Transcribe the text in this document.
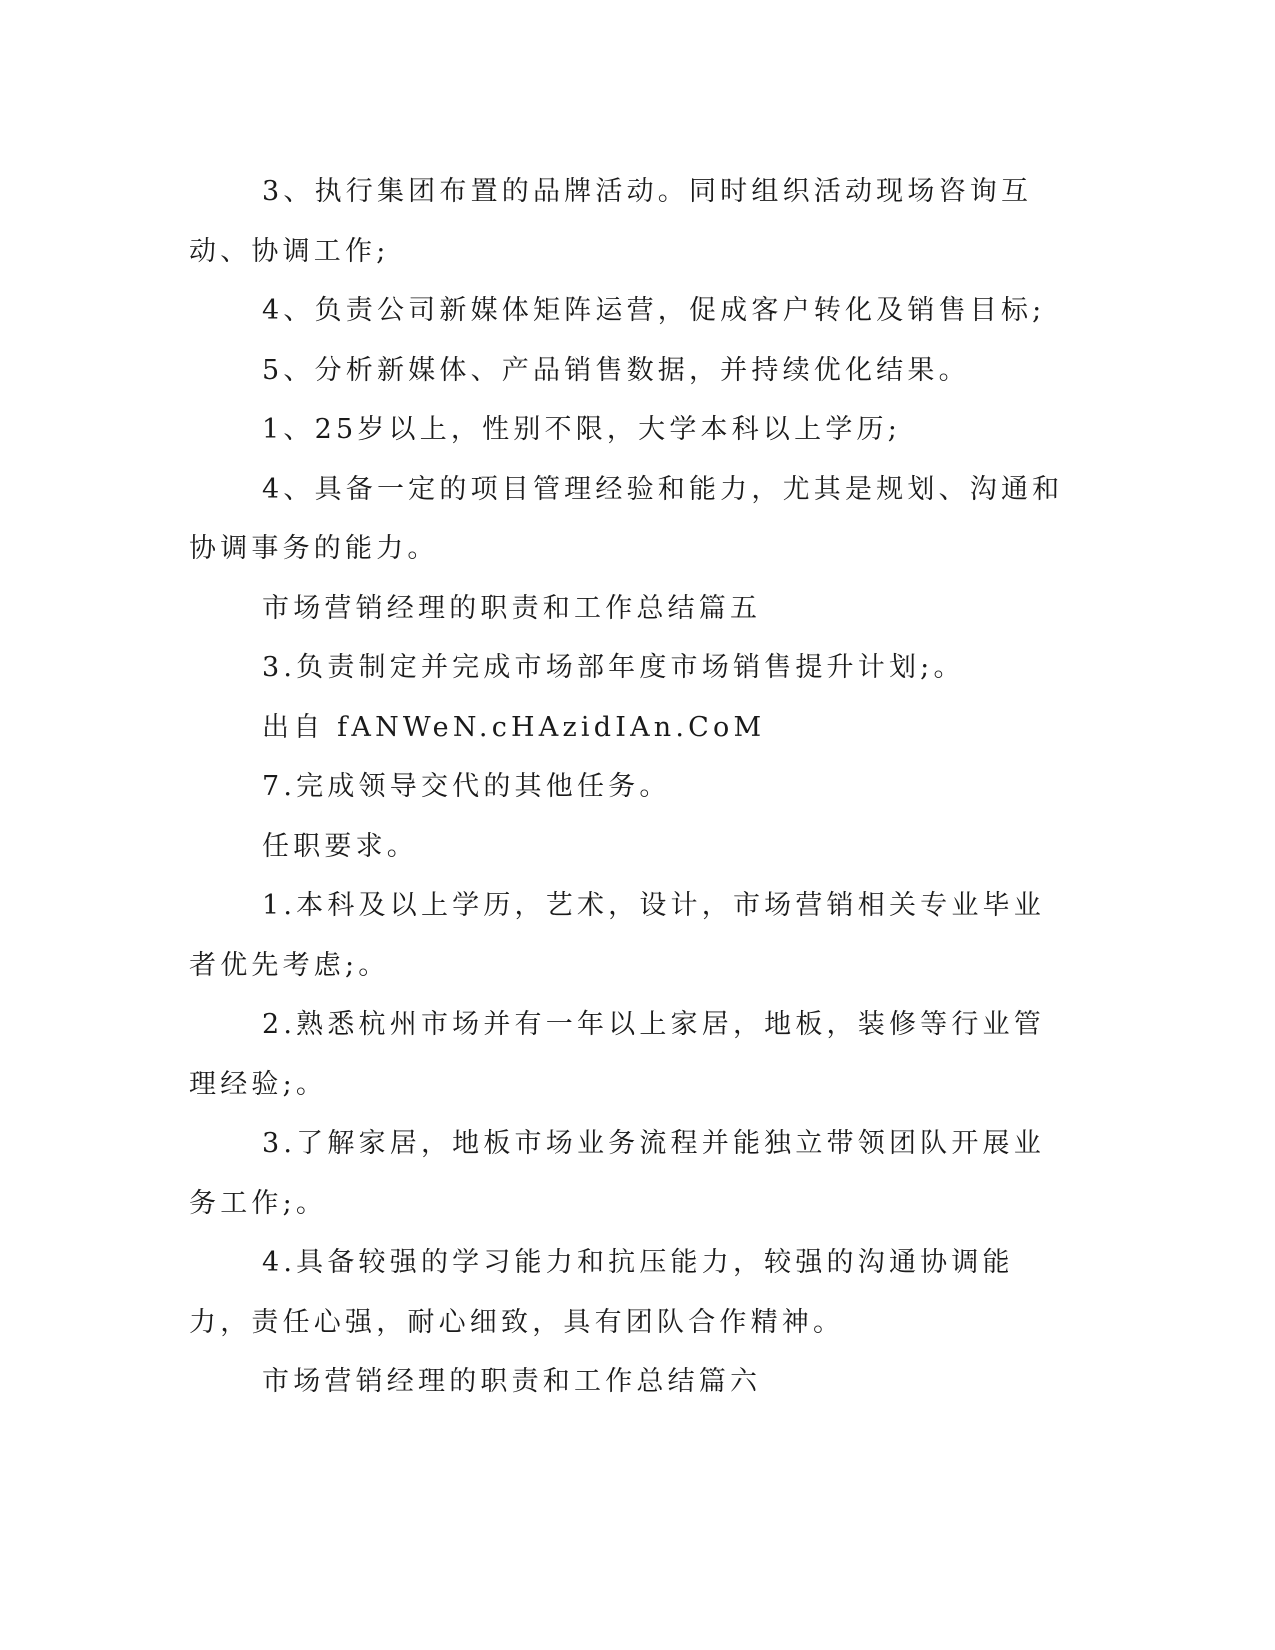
3、执行集团布置的品牌活动。同时组织活动现场咨询互动、协调工作;

4、负责公司新媒体矩阵运营，促成客户转化及销售目标;

5、分析新媒体、产品销售数据，并持续优化结果。

1、25岁以上，性别不限，大学本科以上学历;

4、具备一定的项目管理经验和能力，尤其是规划、沟通和协调事务的能力。

市场营销经理的职责和工作总结篇五

3.负责制定并完成市场部年度市场销售提升计划;。

出自 fANWeN.cHAzidIAn.CoM

7.完成领导交代的其他任务。

任职要求。

1.本科及以上学历，艺术，设计，市场营销相关专业毕业者优先考虑;。

2.熟悉杭州市场并有一年以上家居，地板，装修等行业管理经验;。

3.了解家居，地板市场业务流程并能独立带领团队开展业务工作;。

4.具备较强的学习能力和抗压能力，较强的沟通协调能力，责任心强，耐心细致，具有团队合作精神。

市场营销经理的职责和工作总结篇六
